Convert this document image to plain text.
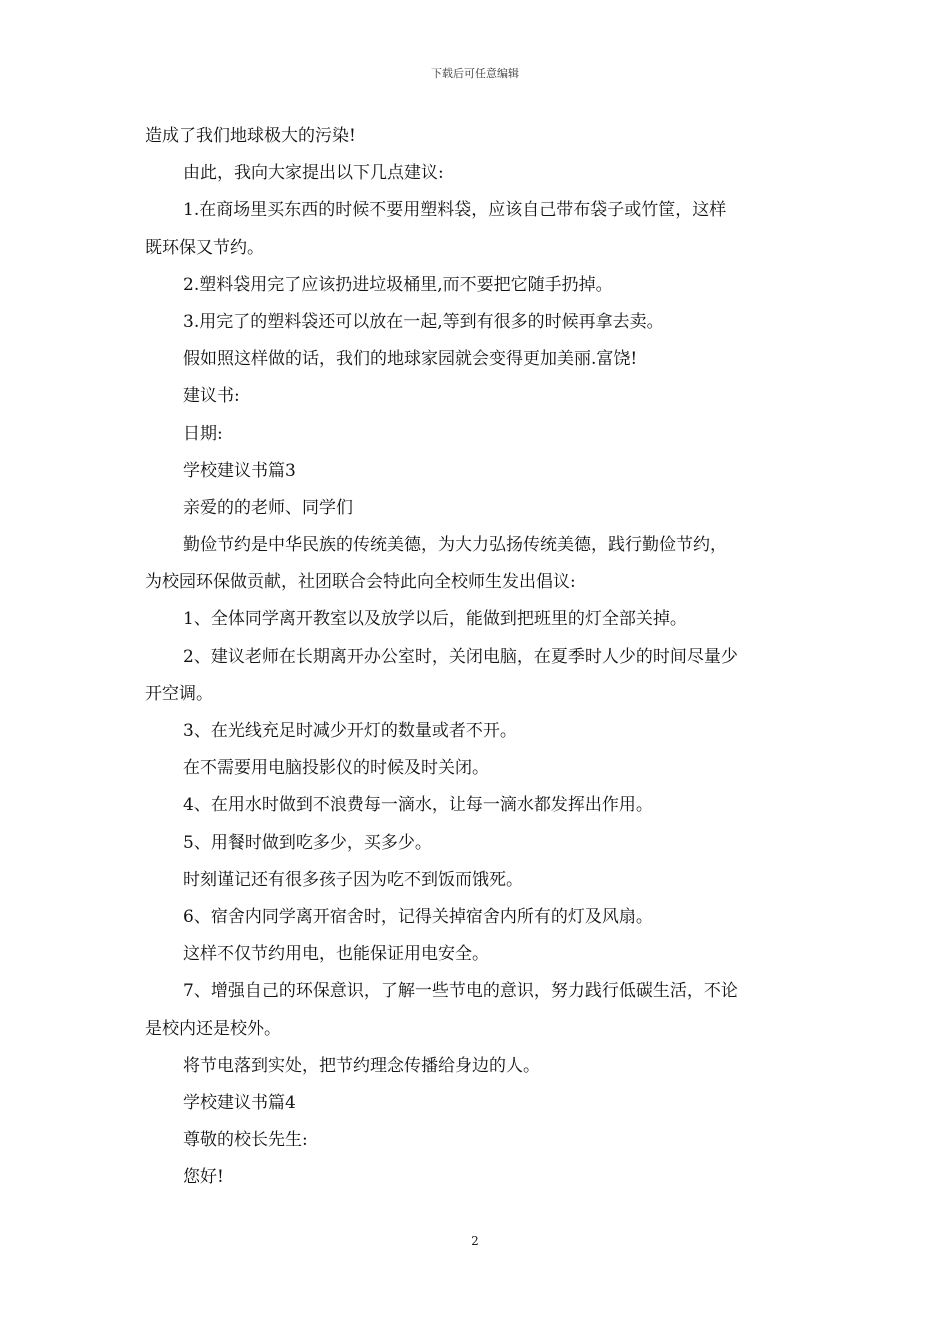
下载后可任意编辑
造成了我们地球极大的污染!
由此，我向大家提出以下几点建议:
1.在商场里买东西的时候不要用塑料袋，应该自己带布袋子或竹筐，这样
既环保又节约。
2.塑料袋用完了应该扔进垃圾桶里,而不要把它随手扔掉。
3.用完了的塑料袋还可以放在一起,等到有很多的时候再拿去卖。
假如照这样做的话，我们的地球家园就会变得更加美丽.富饶!
建议书:
日期:
学校建议书篇3
亲爱的的老师、同学们
勤俭节约是中华民族的传统美德，为大力弘扬传统美德，践行勤俭节约，
为校园环保做贡献，社团联合会特此向全校师生发出倡议:
1、全体同学离开教室以及放学以后，能做到把班里的灯全部关掉。
2、建议老师在长期离开办公室时，关闭电脑，在夏季时人少的时间尽量少
开空调。
3、在光线充足时减少开灯的数量或者不开。
在不需要用电脑投影仪的时候及时关闭。
4、在用水时做到不浪费每一滴水，让每一滴水都发挥出作用。
5、用餐时做到吃多少，买多少。
时刻谨记还有很多孩子因为吃不到饭而饿死。
6、宿舍内同学离开宿舍时，记得关掉宿舍内所有的灯及风扇。
这样不仅节约用电，也能保证用电安全。
7、增强自己的环保意识，了解一些节电的意识，努力践行低碳生活，不论
是校内还是校外。
将节电落到实处，把节约理念传播给身边的人。
学校建议书篇4
尊敬的校长先生:
您好!
2
